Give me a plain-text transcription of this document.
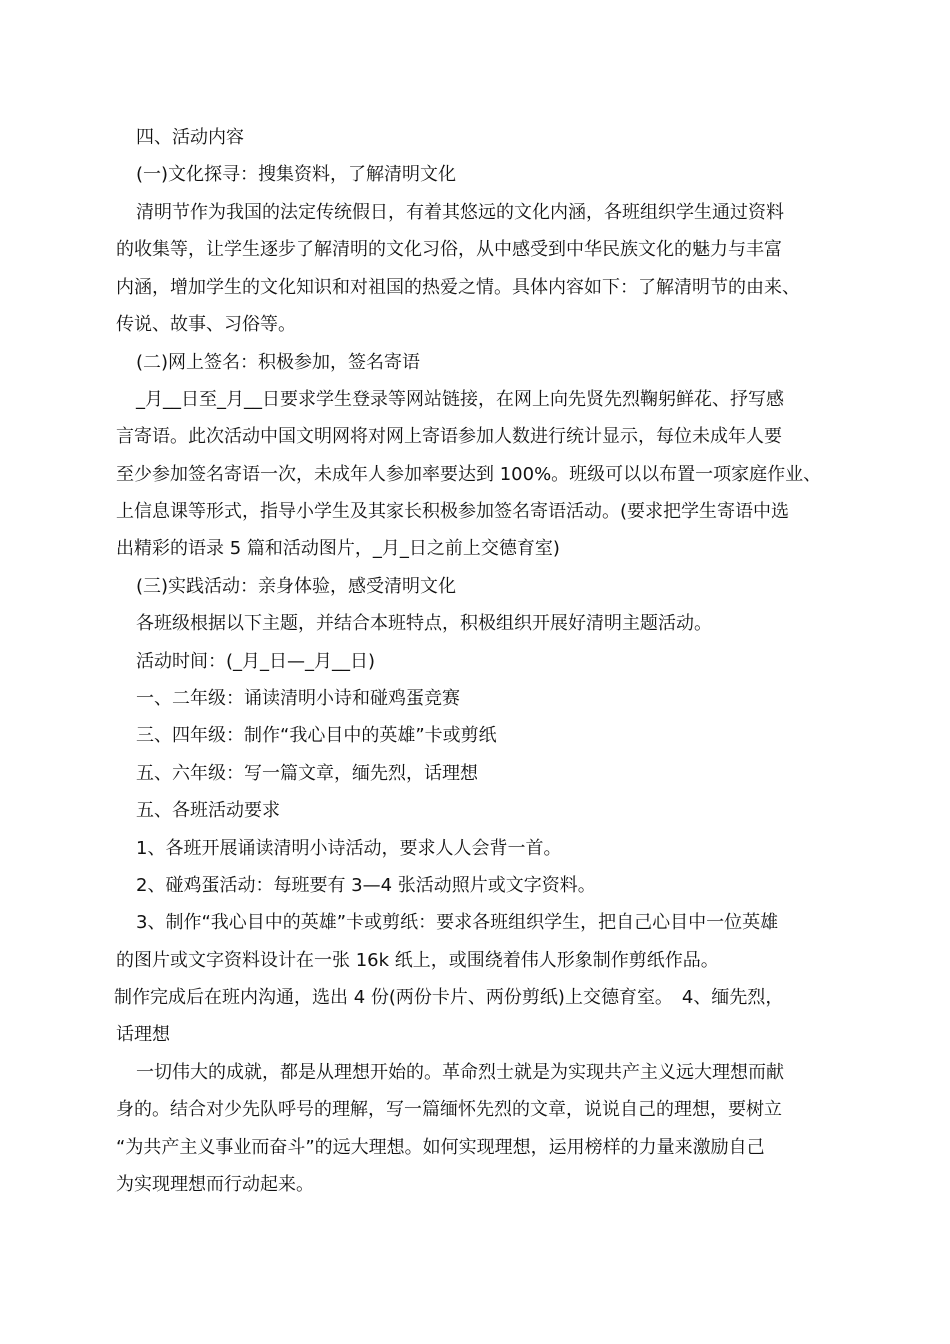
四、活动内容
(一)文化探寻：搜集资料，了解清明文化
清明节作为我国的法定传统假日，有着其悠远的文化内涵，各班组织学生通过资料
的收集等，让学生逐步了解清明的文化习俗，从中感受到中华民族文化的魅力与丰富
内涵，增加学生的文化知识和对祖国的热爱之情。具体内容如下：了解清明节的由来、
传说、故事、习俗等。
(二)网上签名：积极参加，签名寄语
_月__日至_月__日要求学生登录等网站链接，在网上向先贤先烈鞠躬鲜花、抒写感
言寄语。此次活动中国文明网将对网上寄语参加人数进行统计显示，每位未成年人要
至少参加签名寄语一次，未成年人参加率要达到 100%。班级可以以布置一项家庭作业、
上信息课等形式，指导小学生及其家长积极参加签名寄语活动。(要求把学生寄语中选
出精彩的语录 5 篇和活动图片，_月_日之前上交德育室)
(三)实践活动：亲身体验，感受清明文化
各班级根据以下主题，并结合本班特点，积极组织开展好清明主题活动。
活动时间：(_月_日—_月__日)
一、二年级：诵读清明小诗和碰鸡蛋竞赛
三、四年级：制作“我心目中的英雄”卡或剪纸
五、六年级：写一篇文章，缅先烈，话理想
五、各班活动要求
1、各班开展诵读清明小诗活动，要求人人会背一首。
2、碰鸡蛋活动：每班要有 3—4 张活动照片或文字资料。
3、制作“我心目中的英雄”卡或剪纸：要求各班组织学生，把自己心目中一位英雄
的图片或文字资料设计在一张 16k 纸上，或围绕着伟人形象制作剪纸作品。
制作完成后在班内沟通，选出 4 份(两份卡片、两份剪纸)上交德育室。　4、缅先烈，
话理想
一切伟大的成就，都是从理想开始的。革命烈士就是为实现共产主义远大理想而献
身的。结合对少先队呼号的理解，写一篇缅怀先烈的文章，说说自己的理想，要树立
“为共产主义事业而奋斗”的远大理想。如何实现理想，运用榜样的力量来激励自己
为实现理想而行动起来。
